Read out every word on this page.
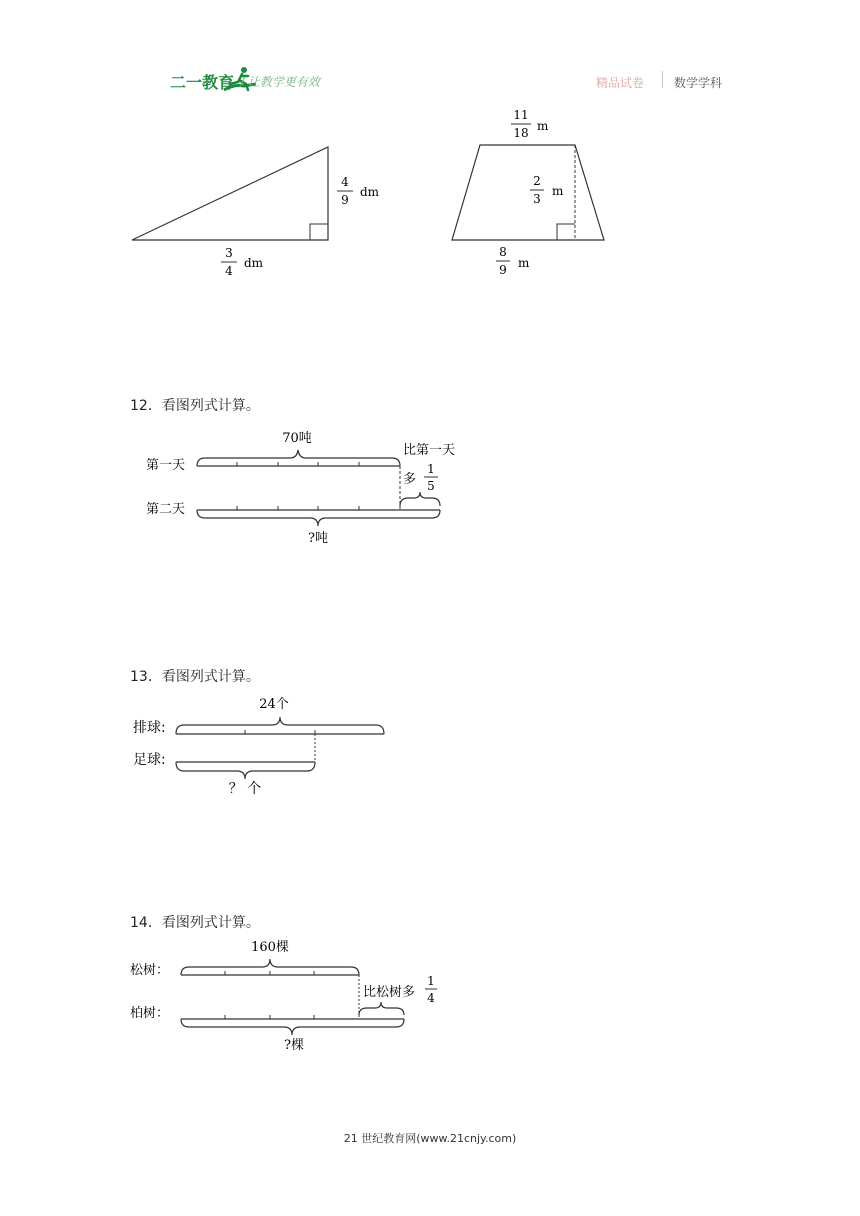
二一教育 / 让教学更有效	精品试卷 数学学科
4
9
dm
3
4
dm
11
18 m
2
3
m
8
9 m
12．看图列式计算。
第一天
第二天
70吨
比第一天
多
1
5
?吨
13．看图列式计算。
排球:
足球:
24个
？ 个
14．看图列式计算。
松树：
柏树：
160棵
比松树多
1
4
?棵
21 世纪教育网(www.21cnjy.com)
